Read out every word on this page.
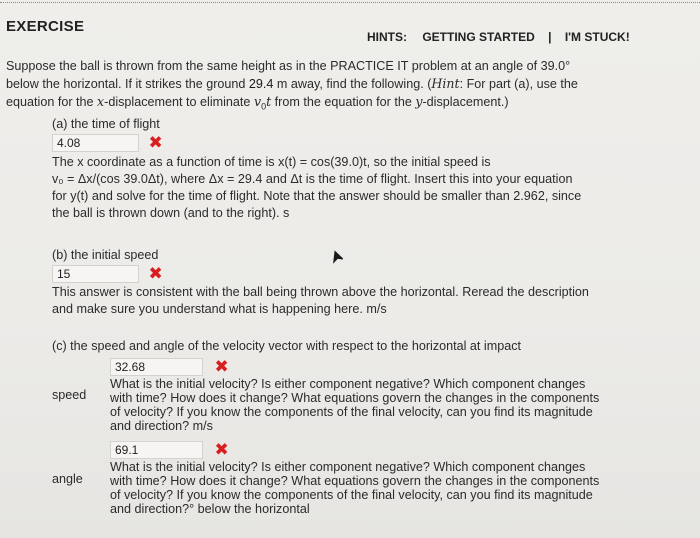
EXERCISE
HINTS: GETTING STARTED | I'M STUCK!
Suppose the ball is thrown from the same height as in the PRACTICE IT problem at an angle of 39.0°
below the horizontal. If it strikes the ground 29.4 m away, find the following. (Hint: For part (a), use the
equation for the x-displacement to eliminate $v_0t$ from the equation for the y-displacement.)
(a) the time of flight
4.08	✖
The x coordinate as a function of time is x(t) = cos(39.0)t, so the initial speed is
v₀ = Δx/(cos 39.0Δt), where Δx = 29.4 and Δt is the time of flight. Insert this into your equation
for y(t) and solve for the time of flight. Note that the answer should be smaller than 2.962, since
the ball is thrown down (and to the right). s
(b) the initial speed
15	✖
This answer is consistent with the ball being thrown above the horizontal. Reread the description
and make sure you understand what is happening here. m/s
(c) the speed and angle of the velocity vector with respect to the horizontal at impact
speed
32.68	✖
What is the initial velocity? Is either component negative? Which component changes
with time? How does it change? What equations govern the changes in the components
of velocity? If you know the components of the final velocity, can you find its magnitude
and direction? m/s
angle
69.1	✖
What is the initial velocity? Is either component negative? Which component changes
with time? How does it change? What equations govern the changes in the components
of velocity? If you know the components of the final velocity, can you find its magnitude
and direction?° below the horizontal
